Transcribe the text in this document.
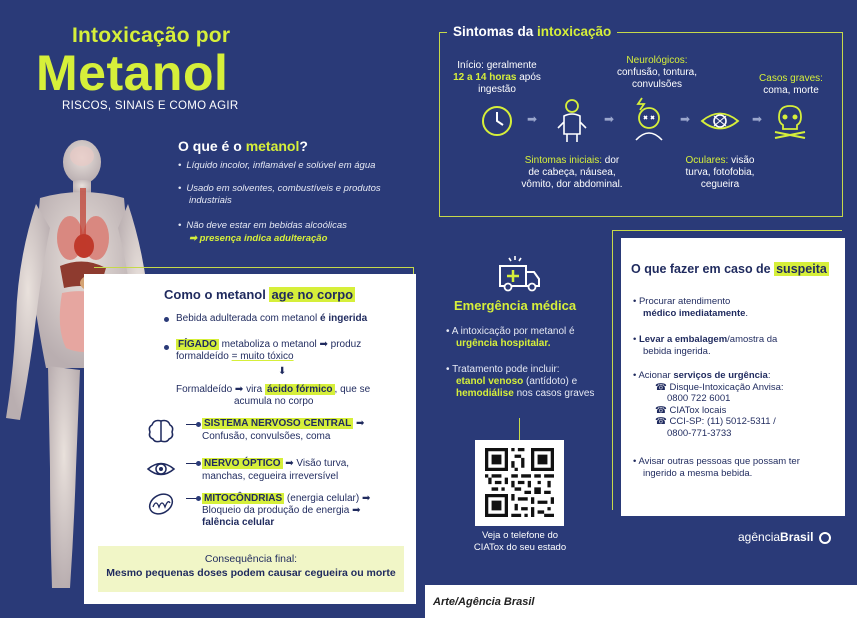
Intoxicação por
Metanol
RISCOS, SINAIS E COMO AGIR
O que é o metanol?
• Líquido incolor, inflamável e solúvel em água
• Usado em solventes, combustíveis e produtos industriais
• Não deve estar em bebidas alcoólicas
➡ presença indica adulteração
Como o metanol age no corpo
Bebida adulterada com metanol é ingerida
FÍGADO metaboliza o metanol ➡ produz
formaldeído = muito tóxico
⬇
Formaldeído ➡ vira ácido fórmico , que se
acumula no corpo
SISTEMA NERVOSO CENTRAL ➡
Confusão, convulsões, coma
NERVO ÓPTICO ➡ Visão turva,
manchas, cegueira irreversível
MITOCÔNDRIAS (energia celular) ➡
Bloqueio da produção de energia ➡
falência celular
Consequência final:
Mesmo pequenas doses podem causar cegueira ou morte
Sintomas da intoxicação
Início: geralmente
12 a 14 horas após
ingestão
Neurológicos:
confusão, tontura,
convulsões
Casos graves:
coma, morte
➡	➡	➡	➡
Sintomas iniciais: dor
de cabeça, náusea,
vômito, dor abdominal.
Oculares: visão
turva, fotofobia,
cegueira
Emergência médica
• A intoxicação por metanol é
urgência hospitalar.
• Tratamento pode incluir:
etanol venoso (antídoto) e
hemodiálise nos casos graves
Veja o telefone do
CIATox do seu estado
O que fazer em caso de suspeita
• Procurar atendimento
médico imediatamente.
• Levar a embalagem/amostra da
bebida ingerida.
• Acionar serviços de urgência:
☎ Disque-Intoxicação Anvisa:
0800 722 6001
☎ CIATox locais
☎ CCI-SP: (11) 5012-5311 /
0800-771-3733
• Avisar outras pessoas que possam ter
ingerido a mesma bebida.
agênciaBrasil
Arte/Agência Brasil
